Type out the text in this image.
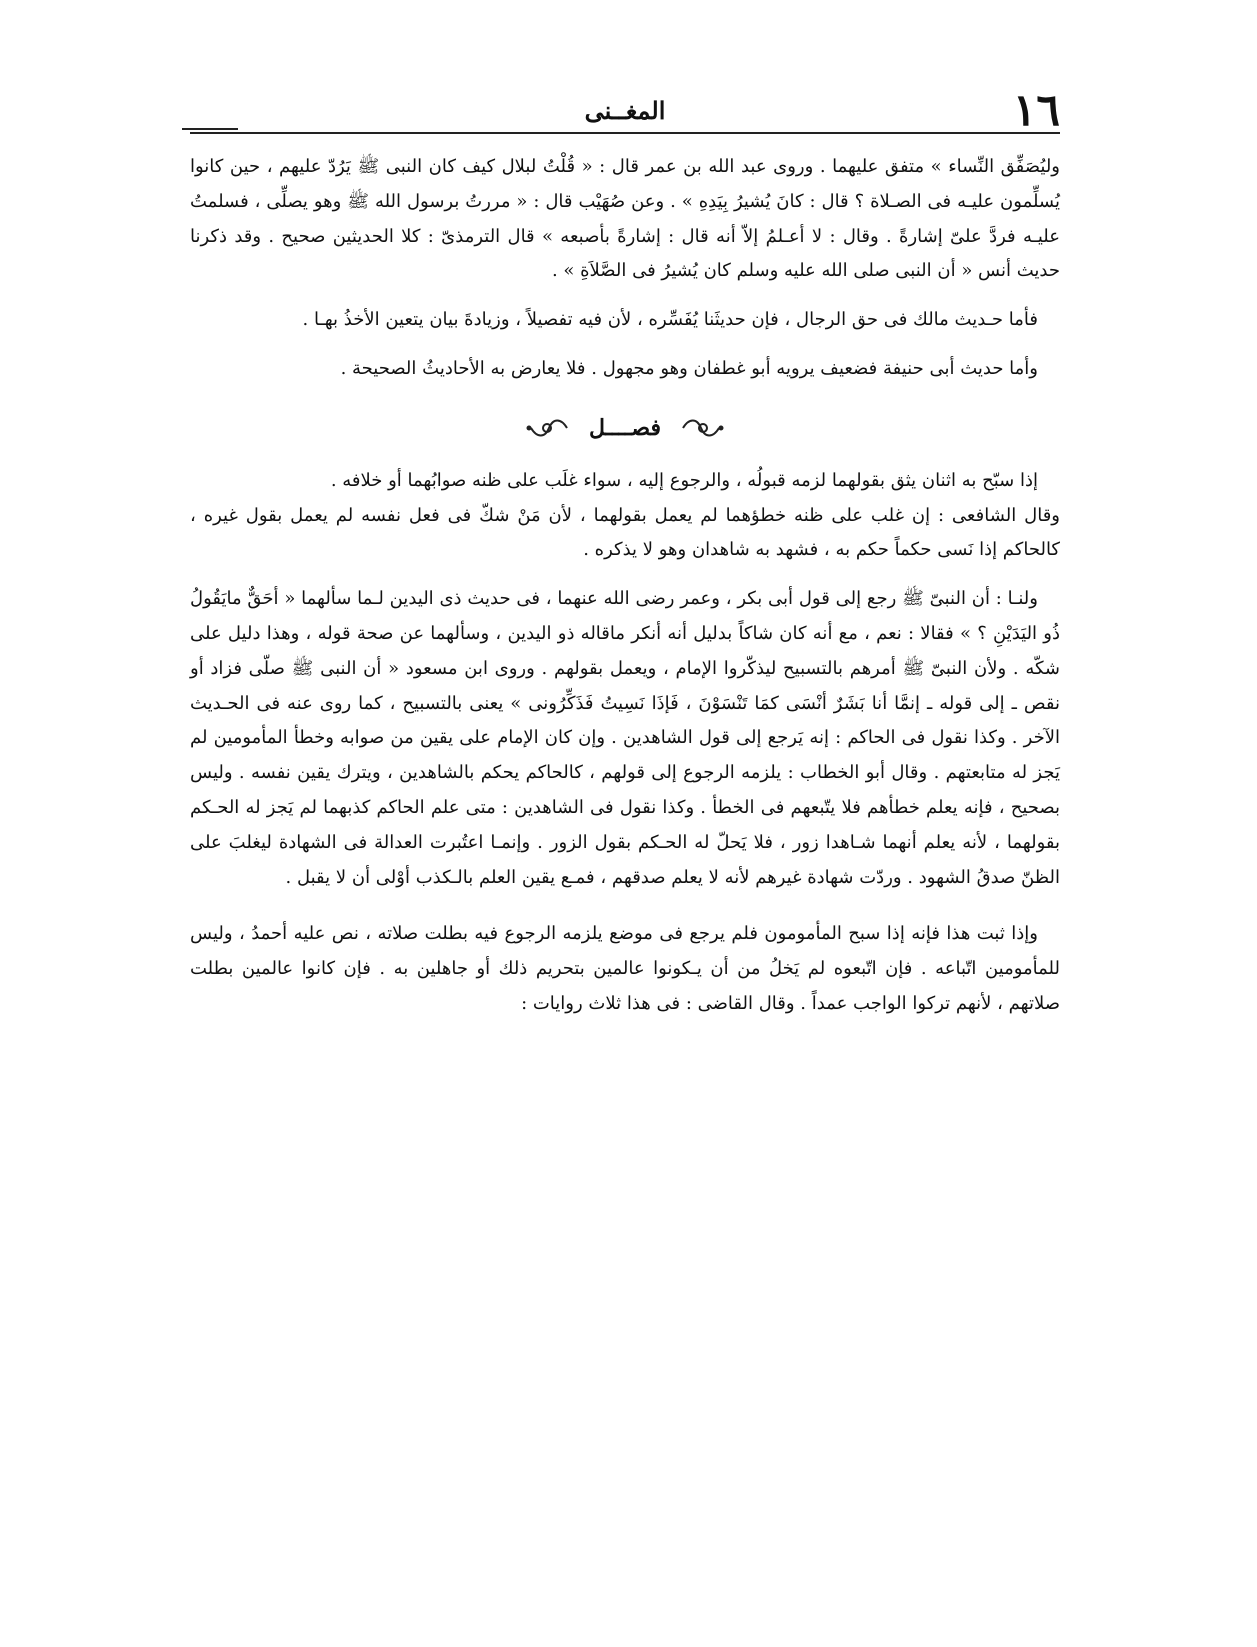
١٦
المغــنى

وليُصَفِّق النِّساء » متفق عليهما . وروى عبد الله بن عمر قال : « قُلْتُ لبلال كيف كان النبى ﷺ يَرُدّ عليهم ، حين كانوا يُسلِّمون عليـه فى الصـلاة ؟ قال : كانَ يُشيرُ بِيَدِهِ » . وعن صُهَيْب قال : « مررتُ برسول الله ﷺ وهو يصلِّى ، فسلمتُ عليـه فردَّ علىّ إشارةً . وقال : لا أعـلمُ إلاّ أنه قال : إشارةً بأصبعه » قال الترمذىّ : كلا الحديثين صحيح . وقد ذكرنا حديث أنس « أن النبى صلى الله عليه وسلم كان يُشيرُ فى الصَّلاَةِ » .

فأما حـديث مالك فى حق الرجال ، فإن حديثَنا يُفَسِّره ، لأن فيه تفصيلاً ، وزيادةَ بيان يتعين الأخذُ بهـا .

وأما حديث أبى حنيفة فضعيف يرويه أبو غطفان وهو مجهول . فلا يعارض به الأحاديثُ الصحيحة .

فصــــل

إذا سبّح به اثنان يثق بقولهما لزمه قبولُه ، والرجوع إليه ، سواء غلَب على ظنه صوابُهما أو خلافه .

وقال الشافعى : إن غلب على ظنه خطؤهما لم يعمل بقولهما ، لأن مَنْ شكّ فى فعل نفسه لم يعمل بقول غيره ، كالحاكم إذا نَسى حكماً حكم به ، فشهد به شاهدان وهو لا يذكره .

ولنـا : أن النبىّ ﷺ رجع إلى قول أبى بكر ، وعمر رضى الله عنهما ، فى حديث ذى اليدين لـما سألهما « أحَقٌّ مايَقُولُ ذُو اليَدَيْنِ ؟ » فقالا : نعم ، مع أنه كان شاكاً بدليل أنه أنكر ماقاله ذو اليدين ، وسألهما عن صحة قوله ، وهذا دليل على شكّه . ولأن النبىّ ﷺ أمرهم بالتسبيح ليذكّروا الإمام ، ويعمل بقولهم . وروى ابن مسعود « أن النبى ﷺ صلّى فزاد أو نقص ـ إلى قوله ـ إنمَّا أنا بَشَرٌ أنْسَى كمَا تَنْسَوْنَ ، فَإذَا نَسِيتُ فَذَكِّرُونى » يعنى بالتسبيح ، كما روى عنه فى الحـديث الآخر . وكذا نقول فى الحاكم : إنه يَرجع إلى قول الشاهدين . وإن كان الإمام على يقين من صوابه وخطأ المأمومين لم يَجز له متابعتهم . وقال أبو الخطاب : يلزمه الرجوع إلى قولهم ، كالحاكم يحكم بالشاهدين ، ويترك يقين نفسه . وليس بصحيح ، فإنه يعلم خطأهم فلا يتّبعهم فى الخطأ . وكذا نقول فى الشاهدين : متى علم الحاكم كذبهما لم يَجز له الحـكم بقولهما ، لأنه يعلم أنهما شـاهدا زور ، فلا يَحلّ له الحـكم بقول الزور . وإنمـا اعتُبرت العدالة فى الشهادة ليغلبَ على الظنّ صدقُ الشهود . وردّت شهادة غيرهم لأنه لا يعلم صدقهم ، فمـع يقين العلم بالـكذب أوْلى أن لا يقبل .

وإذا ثبت هذا فإنه إذا سبح المأمومون فلم يرجع فى موضع يلزمه الرجوع فيه بطلت صلاته ، نص عليه أحمدُ ، وليس للمأمومين اتّباعه . فإن اتّبعوه لم يَخلُ من أن يـكونوا عالمين بتحريم ذلك أو جاهلين به . فإن كانوا عالمين بطلت صلاتهم ، لأنهم تركوا الواجب عمداً . وقال القاضى : فى هذا ثلاث روايات :
